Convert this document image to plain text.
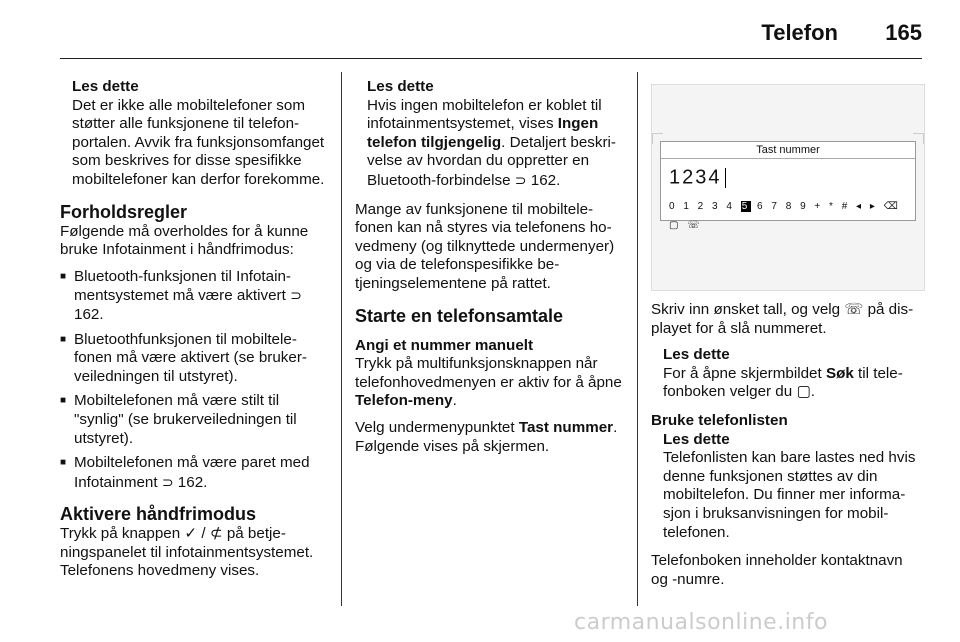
Telefon 165
Les dette
Det er ikke alle mobiltelefoner som støtter alle funksjonene til telefonportalen. Avvik fra funksjonsomfanget som beskrives for disse spesifikke mobiltelefoner kan derfor forekomme.
Forholdsregler

Følgende må overholdes for å kunne bruke Infotainment i håndfrimodus:

■ Bluetooth-funksjonen til Infotainmentsystemet må være aktivert ⊃ 162.
■ Bluetoothfunksjonen til mobiltelefonen må være aktivert (se brukerveiledningen til utstyret).
■ Mobiltelefonen må være stilt til "synlig" (se brukerveiledningen til utstyret).
■ Mobiltelefonen må være paret med Infotainment ⊃ 162.
Aktivere håndfrimodus

Trykk på knappen ✓ / ⊄ på betjeningspanelet til infotainmentsystemet. Telefonens hovedmeny vises.

Les dette
Hvis ingen mobiltelefon er koblet til infotainmentsystemet, vises Ingen telefon tilgjengelig. Detaljert beskrivelse av hvordan du oppretter en Bluetooth-forbindelse ⊃ 162.

Mange av funksjonene til mobiltelefonen kan nå styres via telefonens hovedmeny (og tilknyttede undermenyer) og via de telefonspesifikke betjeningselementene på rattet.

Starte en telefonsamtale
Angi et nummer manuelt

Trykk på multifunksjonsknappen når telefonhovedmenyen er aktiv for å åpne Telefon-meny.

Velg undermenypunktet Tast nummer. Følgende vises på skjermen.

Tast nummer
1234
0 1 2 3 4 5 6 7 8 9 + * # ◂ ▸ ⌫ ▢ ☏

Skriv inn ønsket tall, og velg ☏ på displayet for å slå nummeret.

Les dette
For å åpne skjermbildet Søk til telefonboken velger du ▢.
Bruke telefonlisten
Les dette
Telefonlisten kan bare lastes ned hvis denne funksjonen støttes av din mobiltelefon. Du finner mer informasjon i bruksanvisningen for mobiltelefonen.

Telefonboken inneholder kontaktnavn og -numre.

carmanualsonline.info
